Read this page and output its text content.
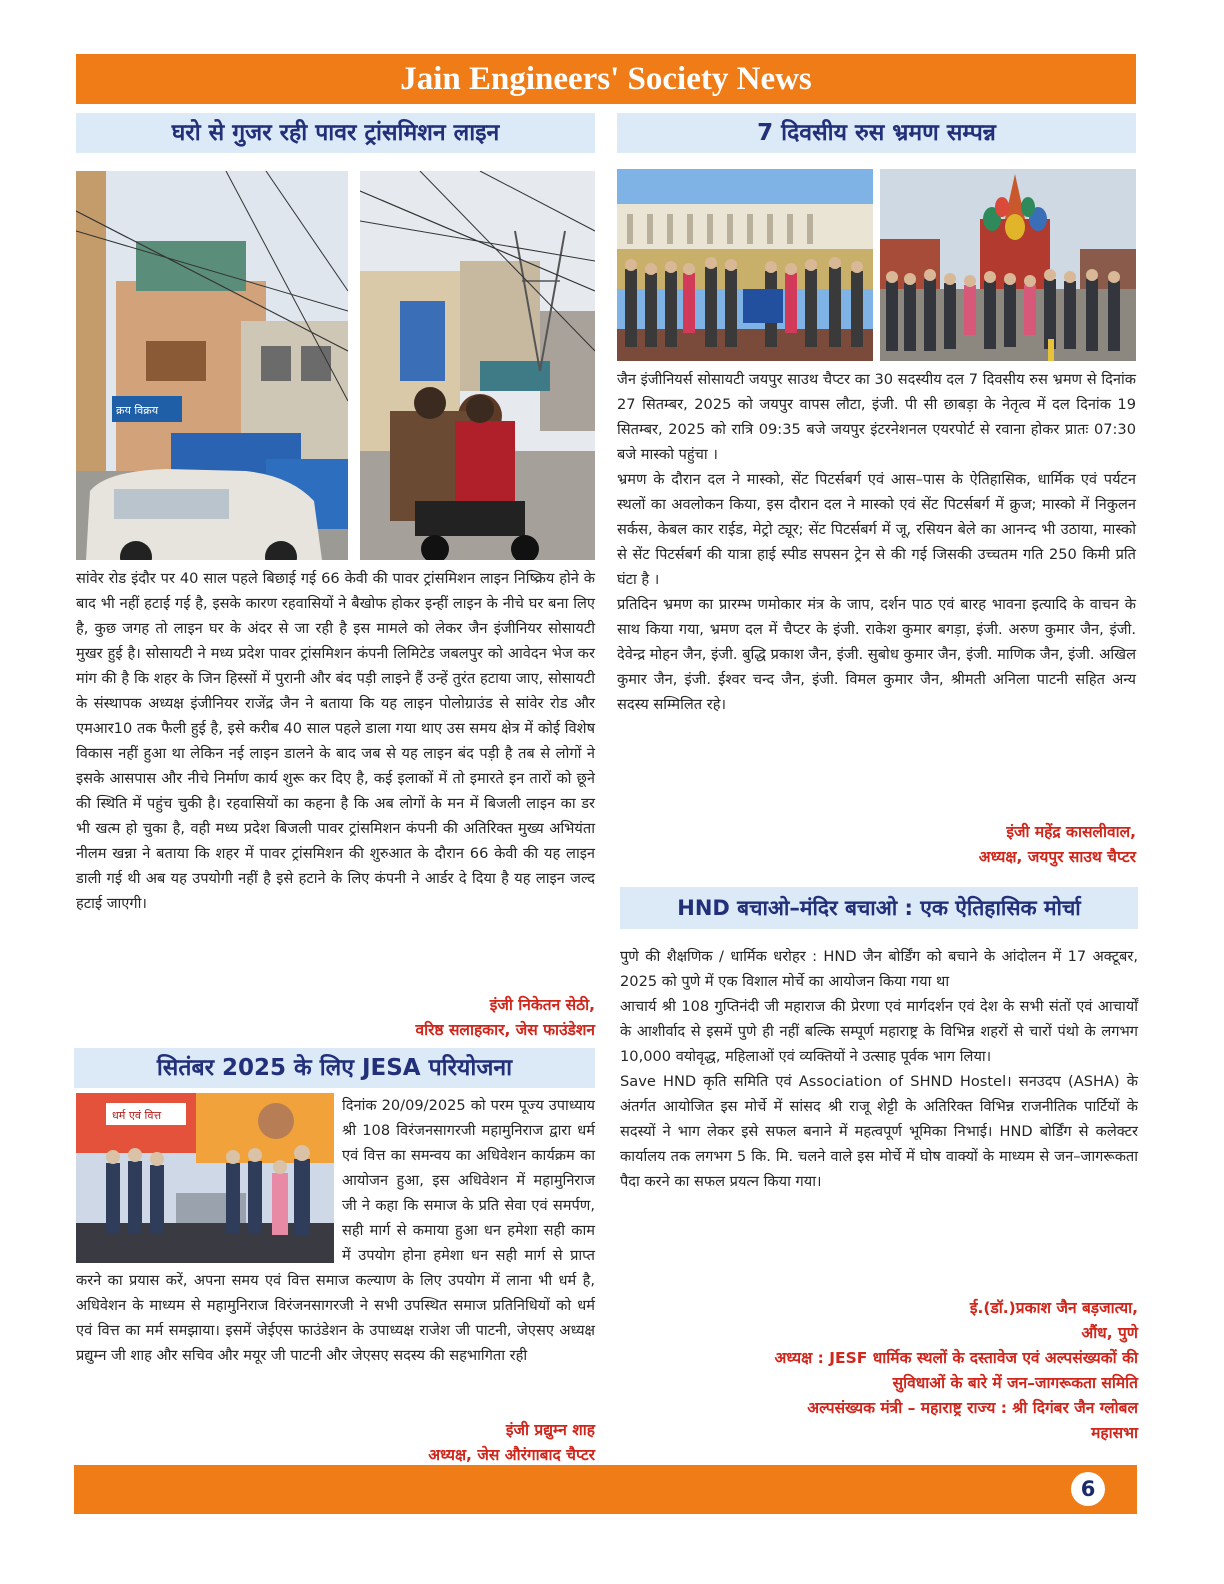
Jain Engineers' Society News
घरो से गुजर रही पावर ट्रांसमिशन लाइन
क्रय विक्रय

सांवेर रोड इंदौर पर 40 साल पहले बिछाई गई 66 केवी की पावर ट्रांसमिशन लाइन निष्क्रिय होने के बाद भी नहीं हटाई गई है, इसके कारण रहवासियों ने बैखोफ होकर इन्हीं लाइन के नीचे घर बना लिए है, कुछ जगह तो लाइन घर के अंदर से जा रही है इस मामले को लेकर जैन इंजीनियर सोसायटी मुखर हुई है। सोसायटी ने मध्य प्रदेश पावर ट्रांसमिशन कंपनी लिमिटेड जबलपुर को आवेदन भेज कर मांग की है कि शहर के जिन हिस्सों में पुरानी और बंद पड़ी लाइने हैं उन्हें तुरंत हटाया जाए, सोसायटी के संस्थापक अध्यक्ष इंजीनियर राजेंद्र जैन ने बताया कि यह लाइन पोलोग्राउंड से सांवेर रोड और एमआर10 तक फैली हुई है, इसे करीब 40 साल पहले डाला गया थाए उस समय क्षेत्र में कोई विशेष विकास नहीं हुआ था लेकिन नई लाइन डालने के बाद जब से यह लाइन बंद पड़ी है तब से लोगों ने इसके आसपास और नीचे निर्माण कार्य शुरू कर दिए है, कई इलाकों में तो इमारते इन तारों को छूने की स्थिति में पहुंच चुकी है। रहवासियों का कहना है कि अब लोगों के मन में बिजली लाइन का डर भी खत्म हो चुका है, वही मध्य प्रदेश बिजली पावर ट्रांसमिशन कंपनी की अतिरिक्त मुख्य अभियंता नीलम खन्ना ने बताया कि शहर में पावर ट्रांसमिशन की शुरुआत के दौरान 66 केवी की यह लाइन डाली गई थी अब यह उपयोगी नहीं है इसे हटाने के लिए कंपनी ने आर्डर दे दिया है यह लाइन जल्द हटाई जाएगी।

इंजी निकेतन सेठी,
वरिष्ठ सलाहकार, जेस फाउंडेशन
सितंबर 2025 के लिए JESA परियोजना
धर्म एवं वित्त

दिनांक 20/09/2025 को परम पूज्य उपाध्याय श्री 108 विरंजनसागरजी महामुनिराज द्वारा धर्म एवं वित्त का समन्वय का अधिवेशन कार्यक्रम का आयोजन हुआ, इस अधिवेशन में महामुनिराज जी ने कहा कि समाज के प्रति सेवा एवं समर्पण, सही मार्ग से कमाया हुआ धन हमेशा सही काम में उपयोग होना हमेशा धन सही मार्ग से प्राप्त करने का प्रयास करें, अपना समय एवं वित्त समाज कल्याण के लिए उपयोग में लाना भी धर्म है, अधिवेशन के माध्यम से महामुनिराज विरंजनसागरजी ने सभी उपस्थित समाज प्रतिनिधियों को धर्म एवं वित्त का मर्म समझाया। इसमें जेईएस फाउंडेशन के उपाध्यक्ष राजेश जी पाटनी, जेएसए अध्यक्ष प्रद्युम्न जी शाह और सचिव और मयूर जी पाटनी और जेएसए सदस्य की सहभागिता रही

इंजी प्रद्युम्न शाह
अध्यक्ष, जेस औरंगाबाद चैप्टर
7 दिवसीय रुस भ्रमण सम्पन्न

जैन इंजीनियर्स सोसायटी जयपुर साउथ चैप्टर का 30 सदस्यीय दल 7 दिवसीय रुस भ्रमण से दिनांक 27 सितम्बर, 2025 को जयपुर वापस लौटा, इंजी. पी सी छाबड़ा के नेतृत्व में दल दिनांक 19 सितम्बर, 2025 को रात्रि 09:35 बजे जयपुर इंटरनेशनल एयरपोर्ट से रवाना होकर प्रातः 07:30 बजे मास्को पहुंचा ।

भ्रमण के दौरान दल ने मास्को, सेंट पिटर्सबर्ग एवं आस–पास के ऐतिहासिक, धार्मिक एवं पर्यटन स्थलों का अवलोकन किया, इस दौरान दल ने मास्को एवं सेंट पिटर्सबर्ग में क्रुज; मास्को में निकुलन सर्कस, केबल कार राईड, मेट्रो ट्यूर; सेंट पिटर्सबर्ग में जू, रसियन बेले का आनन्द भी उठाया, मास्को से सेंट पिटर्सबर्ग की यात्रा हाई स्पीड सपसन ट्रेन से की गई जिसकी उच्चतम गति 250 किमी प्रति घंटा है ।

प्रतिदिन भ्रमण का प्रारम्भ णमोकार मंत्र के जाप, दर्शन पाठ एवं बारह भावना इत्यादि के वाचन के साथ किया गया, भ्रमण दल में चैप्टर के इंजी. राकेश कुमार बगड़ा, इंजी. अरुण कुमार जैन, इंजी. देवेन्द्र मोहन जैन, इंजी. बुद्धि प्रकाश जैन, इंजी. सुबोध कुमार जैन, इंजी. माणिक जैन, इंजी. अखिल कुमार जैन, इंजी. ईश्वर चन्द जैन, इंजी. विमल कुमार जैन, श्रीमती अनिला पाटनी सहित अन्य सदस्य सम्मिलित रहे।

इंजी महेंद्र कासलीवाल,
अध्यक्ष, जयपुर साउथ चैप्टर
HND बचाओ–मंदिर बचाओ : एक ऐतिहासिक मोर्चा

पुणे की शैक्षणिक / धार्मिक धरोहर : HND जैन बोर्डिंग को बचाने के आंदोलन में 17 अक्टूबर, 2025 को पुणे में एक विशाल मोर्चे का आयोजन किया गया था

आचार्य श्री 108 गुप्तिनंदी जी महाराज की प्रेरणा एवं मार्गदर्शन एवं देश के सभी संतों एवं आचार्यों के आशीर्वाद से इसमें पुणे ही नहीं बल्कि सम्पूर्ण महाराष्ट्र के विभिन्न शहरों से चारों पंथो के लगभग 10,000 वयोवृद्ध, महिलाओं एवं व्यक्तियों ने उत्साह पूर्वक भाग लिया।

Save HND कृति समिति एवं Association of SHND Hostel। सनउदप (ASHA) के अंतर्गत आयोजित इस मोर्चे में सांसद श्री राजू शेट्टी के अतिरिक्त विभिन्न राजनीतिक पार्टियों के सदस्यों ने भाग लेकर इसे सफल बनाने में महत्वपूर्ण भूमिका निभाई। HND बोर्डिंग से कलेक्टर कार्यालय तक लगभग 5 कि. मि. चलने वाले इस मोर्चे में घोष वाक्यों के माध्यम से जन–जागरूकता पैदा करने का सफल प्रयत्न किया गया।

ई.(डॉ.)प्रकाश जैन बड़जात्या,
औंध, पुणे
अध्यक्ष : JESF धार्मिक स्थलों के दस्तावेज एवं अल्पसंख्यकों की
सुविधाओं के बारे में जन–जागरूकता समिति
अल्पसंख्यक मंत्री – महाराष्ट्र राज्य : श्री दिगंबर जैन ग्लोबल
महासभा
6
